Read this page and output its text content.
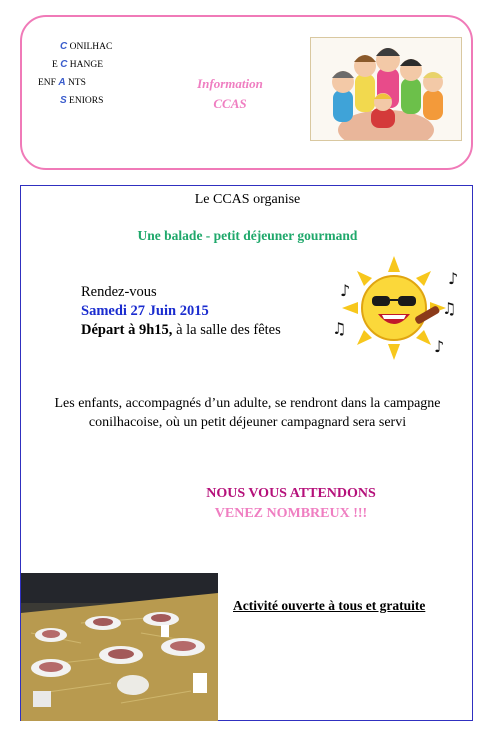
C ONILHAC
E C HANGE
ENF A NTS
S ENIORS
Information
CCAS
Le CCAS organise
Une balade - petit déjeuner gourmand
Rendez-vous
Samedi 27 Juin 2015
Départ à 9h15, à la salle des fêtes	♫
♪
♫
♪
♪
Les enfants, accompagnés d’un adulte, se rendront dans la campagne
conilhacoise, où un petit déjeuner campagnard sera servi
NOUS VOUS ATTENDONS
VENEZ NOMBREUX !!!
Activité ouverte à tous et gratuite
